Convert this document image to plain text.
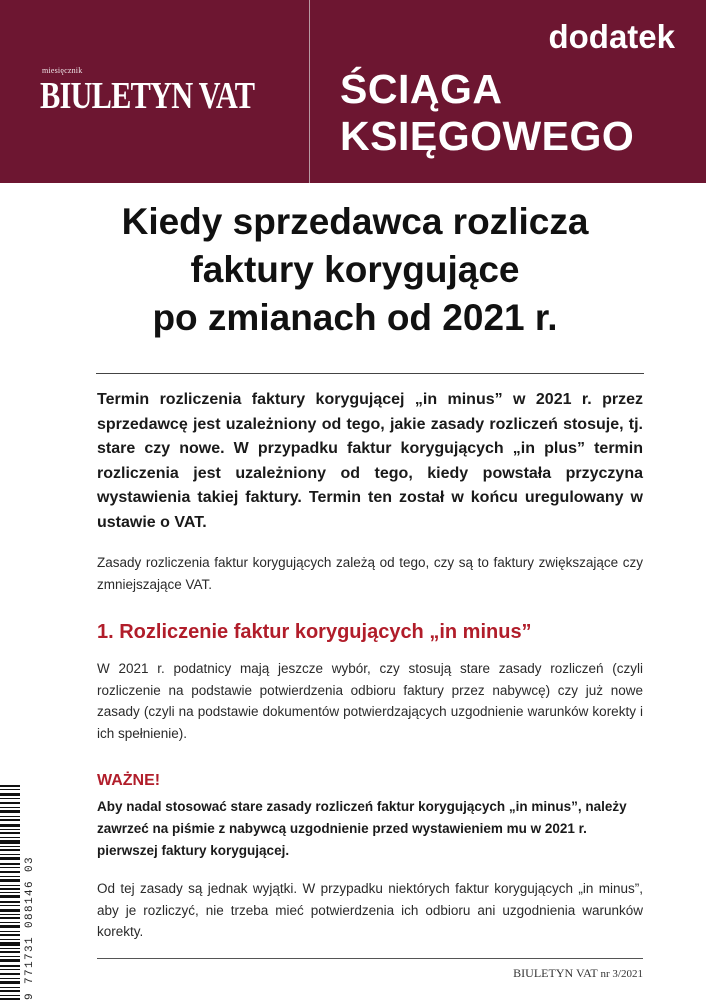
miesięcznik
BIULETYN VAT
dodatek
ŚCIĄGA
KSIĘGOWEGO
Kiedy sprzedawca rozlicza
faktury korygujące
po zmianach od 2021 r.

Termin rozliczenia faktury korygującej „in minus” w 2021 r. przez sprzedawcę jest uzależniony od tego, jakie zasady rozliczeń stosuje, tj. stare czy nowe. W przypadku faktur korygujących „in plus” termin rozliczenia jest uzależniony od tego, kiedy powstała przyczyna wystawienia takiej faktury. Termin ten został w końcu uregulowany w ustawie o VAT.

Zasady rozliczenia faktur korygujących zależą od tego, czy są to faktury zwiększające czy zmniejszające VAT.

1. Rozliczenie faktur korygujących „in minus”

W 2021 r. podatnicy mają jeszcze wybór, czy stosują stare zasady rozliczeń (czyli rozliczenie na podstawie potwierdzenia odbioru faktury przez nabywcę) czy już nowe zasady (czyli na podstawie dokumentów potwierdzających uzgodnienie warunków korekty i ich spełnienie).

WAŻNE!

Aby nadal stosować stare zasady rozliczeń faktur korygujących „in minus”, należy zawrzeć na piśmie z nabywcą uzgodnienie przed wystawieniem mu w 2021 r. pierwszej faktury korygującej.

Od tej zasady są jednak wyjątki. W przypadku niektórych faktur korygujących „in minus”, aby je rozliczyć, nie trzeba mieć potwierdzenia ich odbioru ani uzgodnienia warunków korekty.

BIULETYN VAT nr 3/2021
9 771731 088146 03
